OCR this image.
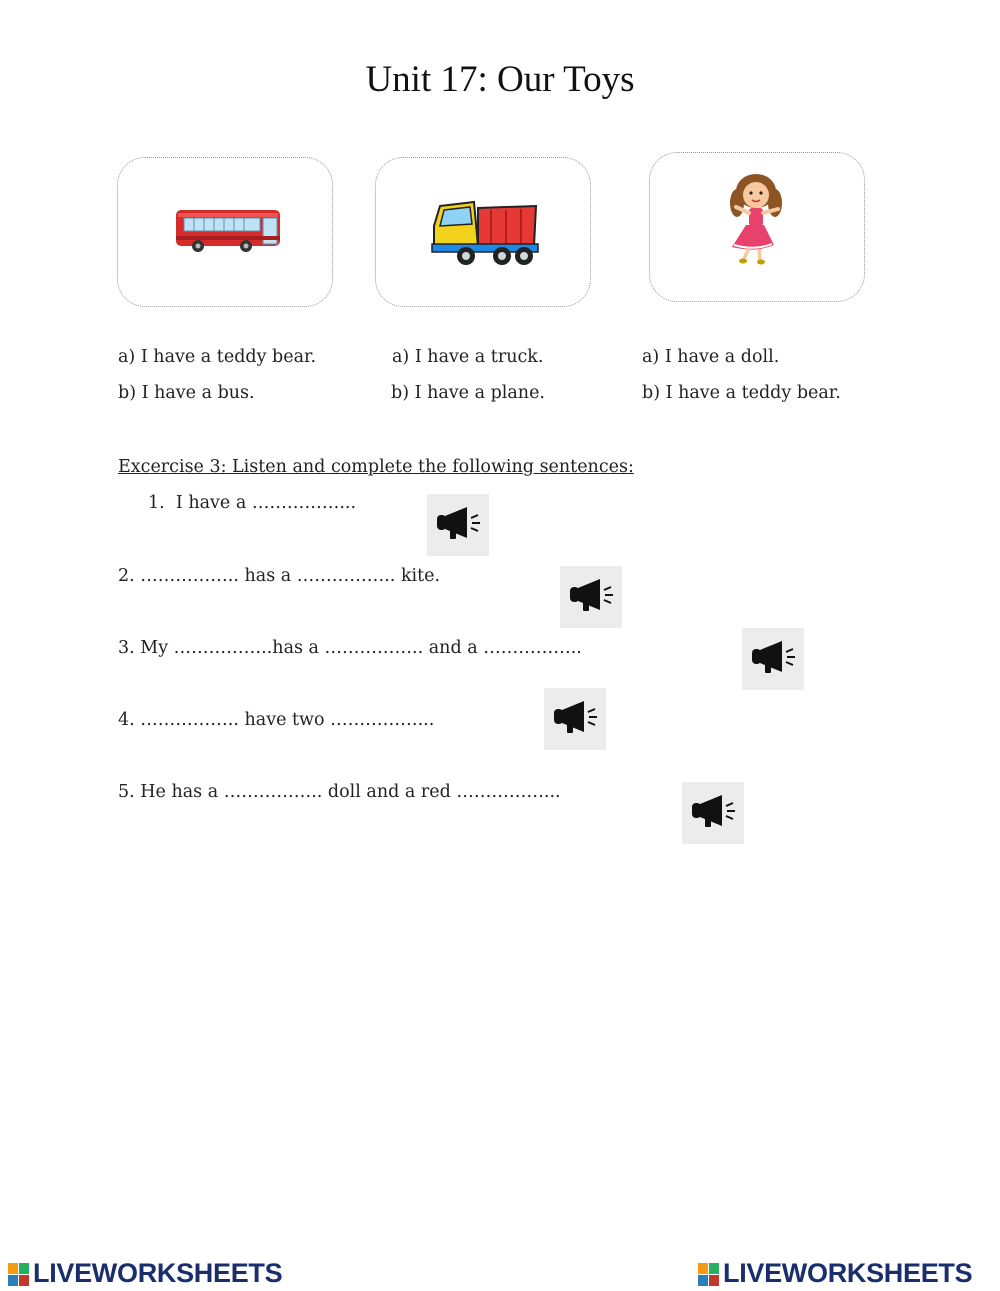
Unit 17: Our Toys
a) I have a teddy bear.
b) I have a bus.
a) I have a truck.
b) I have a plane.
a) I have a doll.
b) I have a teddy bear.
Excercise 3: Listen and complete the following sentences:
1. I have a ……………...
2. …………….. has a …………….. kite.
3. My ……………..has a …………….. and a ……………..
4. …………….. have two ……………...
5. He has a …………….. doll and a red ……………...
LIVEWORKSHEETS	LIVEWORKSHEETS
